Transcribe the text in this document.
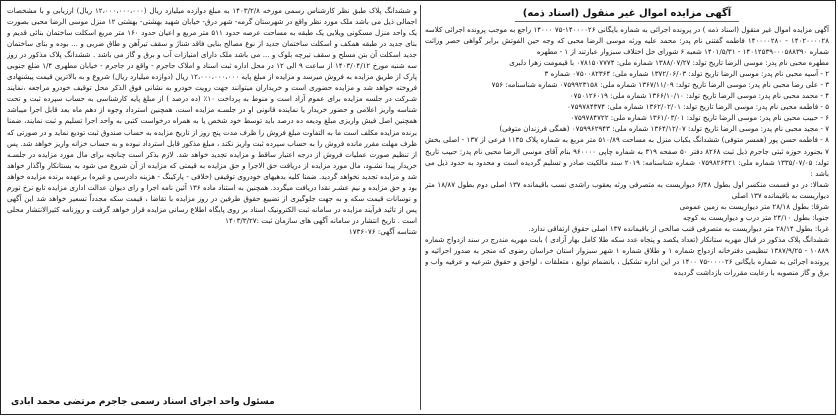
آگهی مزایده اموال غیر منقول (اسناد ذمه)

آگهی مزایده اموال غیر منقول (اسناد ذمه ) در پرونده اجرائی به شماره بایگانی ۱۴۰۰۰۰۲۶-۷۵ ۱۴۰۰۰ راجع به موجب پرونده اجرائی کلاسه ۱۴۰۲۰۰۰۰۲۸ - ۱۴۰۰۰۰۲۸۰ فاطمه گفتنی نام پدر: محمد علیه ورثه موسی الرضا محبی که وجه حین الفوتش برابر گواهی حصر وراثت شماره ۱۴۰۱۲۵۳۹۰۰۰۵۸۸۳۹۰ - ۱۴۰۱/۵/۳۱ شعبه ۶ شورای حل اختلاف سبزوار عبارتند از ۱ - مطهره

مطهره محبی نام پدر: موسی الرضا تاریخ تولد: ۱۳۸۸/۰۷/۲۷ شماره ملی: ۰۷۸۱۵۰۷۷۷۴ با قیمومت زهرا دلبری
۲ - آسیه محبی نام پدر: موسی الرضا تاریخ تولد: ۱۳۷۲/۰۶/۰۳ شماره ملی: ۰۷۵۰۰۸۲۳۶۴ شماره ۳
۳ - علی رضا محبی نام پدر: موسی الرضا تاریخ تولد: ۱۳۶۷/۱۱/۰۹ شماره ملی: ۰۷۵۹۹۲۳۱۵۸ شماره شناسنامه: ۷۵۶
۴ - محمد محبی نام پدر: موسی الرضا تاریخ تولد: ۱۳۶۶/۱۰/۱۰ شماره ملی: ۰۷۵۰۱۲۶۰۱۹
۵ - فاطمه محبی نام پدر: موسی الرضا تاریخ تولد: ۱۳۶۲/۰۲/۰۱ شماره ملی: ۰۷۵۹۷۸۴۳۷۴
۶ - حبیب محبی نام پدر: موسی الرضا تاریخ تولد: ۱۳۶۱/۰۳/۰۱ شماره ملی: ۰۷۵۹۷۸۴۷۲۲
۷ - مجید محبی نام پدر: موسی الرضا تاریخ تولد: ۱۳۶۴/۱۲/۰۷ شماره ملی: ۰۷۵۹۹۶۲۹۴۳ (همگی فرزندان متوفی)
۸ - فاطمه حسن پور (همسر متوفی) ششدانگ یکباب منزل به مساحت ۵۱۰/۸۹ متر مربع به شماره پلاک ۱۱۳۵ فرعی از ۱۳۷ - اصلی بخش ۷ بجنورد حوزه ثبتی جاجرم ذیل ثبت ۸۲۶۸ دفتر ۵۰ صفحه ۳۱۹ به شماره چاپی ۹۶۰۰۰۰ بنام آقای موسی الرضا محبی نام پدر: حبیب تاریخ تولد: ۱۳۳۵/۰۷/۰۵ شماره ملی: ۰۷۵۹۸۲۶۴۲۱ شماره شناسنامه: ۲۰۱۹ سند مالکیت صادر و تسلیم گردیده است و محدود به حدود ذیل می باشد :
شمالا: در دو قسمت منکسر اول بطول ۶/۴۸ دیواریست به متصرفی ورثه یعقوب راشدی نسب باقیمانده ۱۳۷ اصلی دوم بطول ۱۸/۸۷ متر دیواریست به باقیمانده ۱۳۷ اصلی
شرقا: بطول ۲۸/۱۸ متر دیواریست به زمین عمومی
جنوبا: بطول ۲۴/۱۰ متر درب و دیواریست به کوچه
غربا: بطول ۲۸/۱۴ متر دیواریست به متصرفی قنب صالحی از باقیمانده ۱۳۷ اصلی حقوق ارتفاقی ندارد.

ششدانگ پلاک مذکور در قبال مهریه ستانکار (تعداد یکصد و پنجاه عدد سکه طلا کامل بهار آزادی ) بابت مهریه مندرج در سند ازدواج شماره ۱۰۸۸۹ - ۱۳۸۷/۹/۲۵ تنظیمی دفترخانه ازدواج شماره ۱ و طلاق شماره ۱ شهر سبزوار استان خراسان رضوی که منجر به صدور اجرائیه و پرونده اجرائی به شماره بایگانی ۰۰۰۰۲۶-۷۵ ۱۴۰۰ در این اداره تشکیل ، بانضمام توابع ، متعلقات ، لواحق و حقوق شرعیه و عرفیه واب و برق و گاز منصوبه با رعایت مقررات بازداشت گردیده

و ششدانگ پلاک طبق نظر کارشناس رسمی مورخه ۱۴۰۳/۲/۸ به مبلغ دوازده میلیارد ریال (۱۲،۰۰۰،۰۰۰،۰۰۰ ریال) ارزیابی و با مشخصات اجمالی ذیل می باشد ملک مورد نظر واقع در شهرستان گرمه- شهر درق- خیابان شهید بهشتی- بهشتی ۱۲ منزل موسی الرضا محبی بصورت یک واحد منزل مسکونی ویلایی یک طبقه به مساحت عرصه حدود ۵۱۱ متر مربع و اعیان حدود ۱۶۰ متر مربع اسکلت ساختمان بنائی قدیم و بنای جدید در طبقه همکف و اسکلت ساختمان جدید از نوع مصالح بنایی فاقد شناژ و سقف تیرآهن و طاق ضربی و ... بوده و بنای ساختمان جدید اسکلت آن بتن مسلح و سقف تیرچه بلوک و ... می باشد ملک دارای امتیازات آب و برق و گاز می باشد . ششدانگ پلاک مذکور در روز سه شنبه مورخ ۱۴۰۳/۰۴/۱۲ از ساعت ۹ الی ۱۲ در محل اداره ثبت اسناد و املاک جاجرم - واقع در جاجرم - خیابان مطهری ۱/۴ ضلع جنوبی پارک از طریق مزایده به فروش میرسد و مزایده از مبلغ پایه ۱۲،۰۰۰،۰۰۰،۰۰۰ ریال (دوازده میلیارد ریال) شروع و به بالاترین قیمت پیشنهادی فروخته خواهد شد و مزایده حضوری است و خریداران میتوانند جهت رویت خودرو به نشانی فوق الذکر محل توقیف خودرو مراجعه ،نمایند شـرکت در جلسه مزایده برای عموم آزاد است و منوط به پرداخت ۱۰٪ (ده درصد ) از مبلغ پایه کارشناسی به حساب سپرده ثبت و تحت شناسه واریز اعلامی و حضور خریدار یا نماینده قانونی او در جلسـه مزایده است، همچنین استرداد وجوه از دهم ماه بعد قابل اجرا میباشد همچنین اصل فیش واریزی مبلغ ودیعه ده درصد باید توسط خود شخص یا به همراه درخواست کتبی به واحد اجرا تسلیم و ثبت نمایند، ضمنا برنده مزایده مکلف است ما به التفاوت مبلغ فروش را ظرف مدت پنج روز از تاریخ مزایده به حساب صندوق ثبت تودیع نماید و در صورتی که ظرف مهلت مقرر مانده فروش را به حساب سپرده ثبت واریز نکند ، مبلغ مذکور قابل استرداد نبوده و به حساب خزانه واریز خواهد شد. پس از تنظیم صورت عملیات فروش از درجه اعتبار ساقط و مزایده تجدید خواهد شد. لازم بذکر است چنانچه برای مال مورد مزایده در جلسـه خریدار پیدا نشـود، مال مورد مزایده از دریافت حق الاجرا و حق مزایده به قیمتی که مزایده از آن شروع می شود به بستانکار واگذار خواهد شد و مزایده تجدید نخواهد گردید. ضمنا کلیه بدهیهای خودروی توقیفی (خلافی - پارکینگ - هزینه دادرسی و غیره) برعهده برنده مزایده خواهد بود و حق مزایده و نیم عشـر نقدا دریافت میگردد. همچنین به استناد ماده ۱۳۶ آئین نامه اجرا و رای دیوان عدالت اداری مزایده تابع نرخ تورم و نوسانات قیمت سکه و به جهت جلوگیری از تضییع حقوق طرفین در روز مزایده با تقاضا ، قیمت سکه مجدداً تسعیر خواهد شد این آگهی پس از تائید فرآیند مزایده در سامانه ثبت الکترونیک اسناد بر روی پایگاه اطلاع رسانی مزایده قرار خواهد گرفت و روزنامه کثیرالانتشار محلی است . تاریخ انتشار در سامانه آگهی های سازمان ثبت :۱۴۰۳/۳/۲۷

شناسه آگهی: ۱۷۳۶۰۷۶

مسئول واحد اجرای اسناد رسمی جاجرم مرتضی محمد ابادی
